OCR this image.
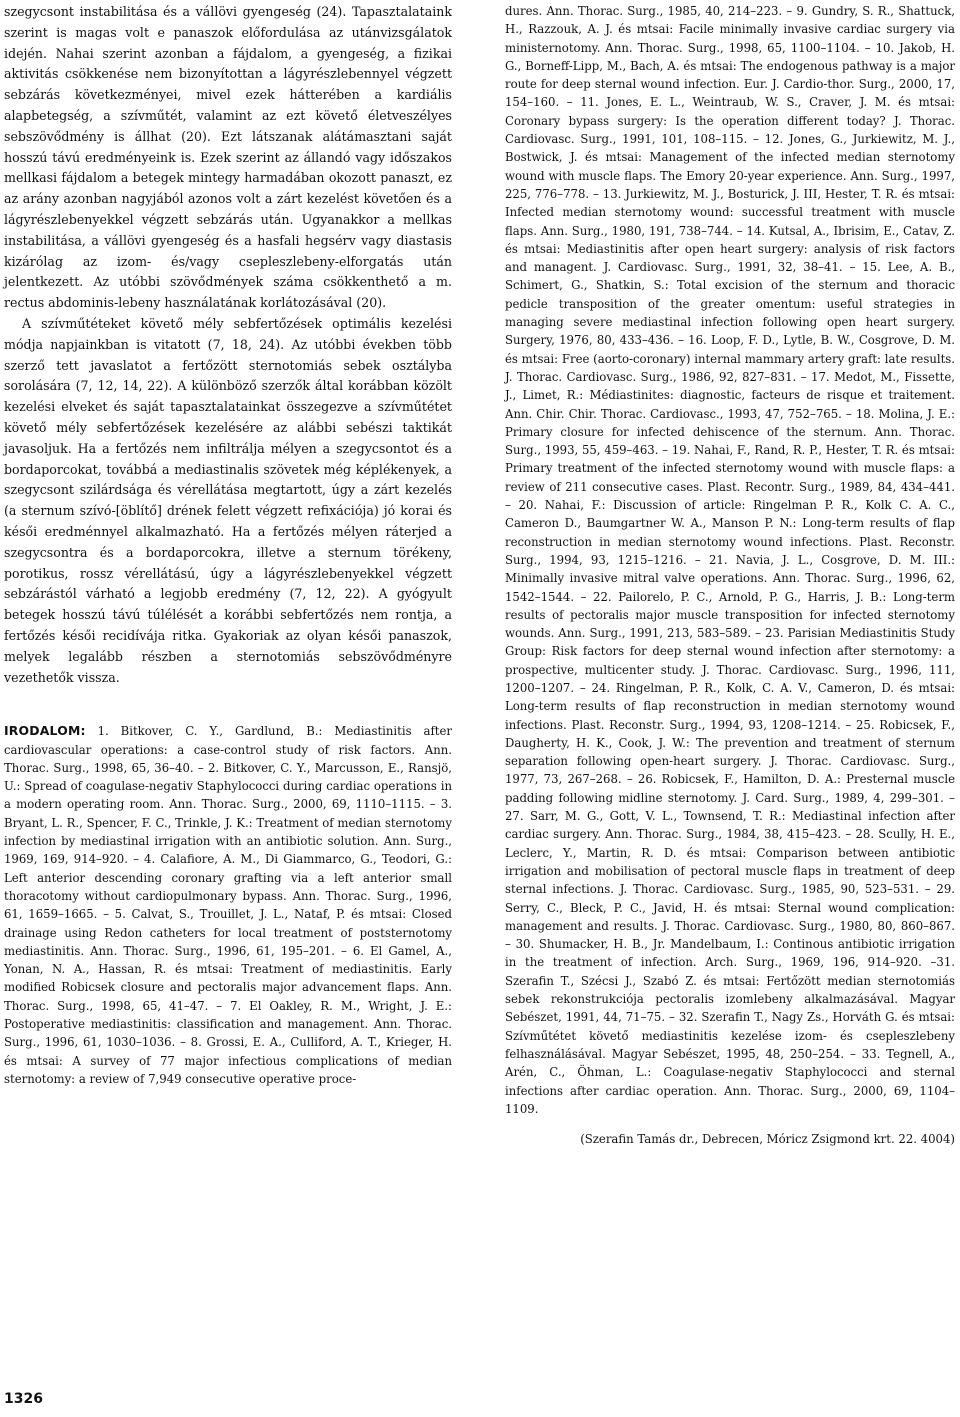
szegycsont instabilitása és a vállövi gyengeség (24). Tapasztalataink szerint is magas volt e panaszok előfordulása az utánvizsgálatok idején. Nahai szerint azonban a fájdalom, a gyengeség, a fizikai aktivitás csökkenése nem bizonyítottan a lágyrészlebennyel végzett sebzárás következményei, mivel ezek hátterében a kardiális alapbetegség, a szívműtét, valamint az ezt követő életveszélyes sebszövődmény is állhat (20). Ezt látszanak alátámasztani saját hosszú távú eredményeink is. Ezek szerint az állandó vagy időszakos mellkasi fájdalom a betegek mintegy harmadában okozott panaszt, ez az arány azonban nagyjából azonos volt a zárt kezelést követően és a lágyrészlebenyekkel végzett sebzárás után. Ugyanakkor a mellkas instabilitása, a vállövi gyengeség és a hasfali hegsérv vagy diastasis kizárólag az izom- és/vagy csepleszlebeny-elforgatás után jelentkezett. Az utóbbi szövődmények száma csökkenthető a m. rectus abdominis-lebeny használatának korlátozásával (20).

A szívműtéteket követő mély sebfertőzések optimális kezelési módja napjainkban is vitatott (7, 18, 24). Az utóbbi években több szerző tett javaslatot a fertőzött sternotomiás sebek osztályba sorolására (7, 12, 14, 22). A különböző szerzők által korábban közölt kezelési elveket és saját tapasztalatainkat összegezve a szívműtétet követő mély sebfertőzések kezelésére az alábbi sebészi taktikát javasoljuk. Ha a fertőzés nem infiltrálja mélyen a szegycsontot és a bordaporcokat, továbbá a mediastinalis szövetek még képlékenyek, a szegycsont szilárdsága és vérellátása megtartott, úgy a zárt kezelés (a sternum szívó-[öblítő] drének felett végzett refixációja) jó korai és késői eredménnyel alkalmazható. Ha a fertőzés mélyen ráterjed a szegycsontra és a bordaporcokra, illetve a sternum törékeny, porotikus, rossz vérellátású, úgy a lágyrészlebenyekkel végzett sebzárástól várható a legjobb eredmény (7, 12, 22). A gyógyult betegek hosszú távú túlélését a korábbi sebfertőzés nem rontja, a fertőzés késői recidívája ritka. Gyakoriak az olyan késői panaszok, melyek legalább részben a sternotomiás sebszövődményre vezethetők vissza.

IRODALOM: 1. Bitkover, C. Y., Gardlund, B.: Mediastinitis after cardiovascular operations: a case-control study of risk factors. Ann. Thorac. Surg., 1998, 65, 36–40. – 2. Bitkover, C. Y., Marcusson, E., Ransjö, U.: Spread of coagulase-negativ Staphylococci during cardiac operations in a modern operating room. Ann. Thorac. Surg., 2000, 69, 1110–1115. – 3. Bryant, L. R., Spencer, F. C., Trinkle, J. K.: Treatment of median sternotomy infection by mediastinal irrigation with an antibiotic solution. Ann. Surg., 1969, 169, 914–920. – 4. Calafiore, A. M., Di Giammarco, G., Teodori, G.: Left anterior descending coronary grafting via a left anterior small thoracotomy without cardiopulmonary bypass. Ann. Thorac. Surg., 1996, 61, 1659–1665. – 5. Calvat, S., Trouillet, J. L., Nataf, P. és mtsai: Closed drainage using Redon catheters for local treatment of poststernotomy mediastinitis. Ann. Thorac. Surg., 1996, 61, 195–201. – 6. El Gamel, A., Yonan, N. A., Hassan, R. és mtsai: Treatment of mediastinitis. Early modified Robicsek closure and pectoralis major advancement flaps. Ann. Thorac. Surg., 1998, 65, 41–47. – 7. El Oakley, R. M., Wright, J. E.: Postoperative mediastinitis: classification and management. Ann. Thorac. Surg., 1996, 61, 1030–1036. – 8. Grossi, E. A., Culliford, A. T., Krieger, H. és mtsai: A survey of 77 major infectious complications of median sternotomy: a review of 7,949 consecutive operative proce-
dures. Ann. Thorac. Surg., 1985, 40, 214–223. – 9. Gundry, S. R., Shattuck, H., Razzouk, A. J. és mtsai: Facile minimally invasive cardiac surgery via ministernotomy. Ann. Thorac. Surg., 1998, 65, 1100–1104. – 10. Jakob, H. G., Borneff-Lipp, M., Bach, A. és mtsai: The endogenous pathway is a major route for deep sternal wound infection. Eur. J. Cardio-thor. Surg., 2000, 17, 154–160. – 11. Jones, E. L., Weintraub, W. S., Craver, J. M. és mtsai: Coronary bypass surgery: Is the operation different today? J. Thorac. Cardiovasc. Surg., 1991, 101, 108–115. – 12. Jones, G., Jurkiewitz, M. J., Bostwick, J. és mtsai: Management of the infected median sternotomy wound with muscle flaps. The Emory 20-year experience. Ann. Surg., 1997, 225, 776–778. – 13. Jurkiewitz, M. J., Bosturick, J. III, Hester, T. R. és mtsai: Infected median sternotomy wound: successful treatment with muscle flaps. Ann. Surg., 1980, 191, 738–744. – 14. Kutsal, A., Ibrisim, E., Catav, Z. és mtsai: Mediastinitis after open heart surgery: analysis of risk factors and managent. J. Cardiovasc. Surg., 1991, 32, 38–41. – 15. Lee, A. B., Schimert, G., Shatkin, S.: Total excision of the sternum and thoracic pedicle transposition of the greater omentum: useful strategies in managing severe mediastinal infection following open heart surgery. Surgery, 1976, 80, 433–436. – 16. Loop, F. D., Lytle, B. W., Cosgrove, D. M. és mtsai: Free (aorto-coronary) internal mammary artery graft: late results. J. Thorac. Cardiovasc. Surg., 1986, 92, 827–831. – 17. Medot, M., Fissette, J., Limet, R.: Médiastinites: diagnostic, facteurs de risque et traitement. Ann. Chir. Chir. Thorac. Cardiovasc., 1993, 47, 752–765. – 18. Molina, J. E.: Primary closure for infected dehiscence of the sternum. Ann. Thorac. Surg., 1993, 55, 459–463. – 19. Nahai, F., Rand, R. P., Hester, T. R. és mtsai: Primary treatment of the infected sternotomy wound with muscle flaps: a review of 211 consecutive cases. Plast. Recontr. Surg., 1989, 84, 434–441. – 20. Nahai, F.: Discussion of article: Ringelman P. R., Kolk C. A. C., Cameron D., Baumgartner W. A., Manson P. N.: Long-term results of flap reconstruction in median sternotomy wound infections. Plast. Reconstr. Surg., 1994, 93, 1215–1216. – 21. Navia, J. L., Cosgrove, D. M. III.: Minimally invasive mitral valve operations. Ann. Thorac. Surg., 1996, 62, 1542–1544. – 22. Pailorelo, P. C., Arnold, P. G., Harris, J. B.: Long-term results of pectoralis major muscle transposition for infected sternotomy wounds. Ann. Surg., 1991, 213, 583–589. – 23. Parisian Mediastinitis Study Group: Risk factors for deep sternal wound infection after sternotomy: a prospective, multicenter study. J. Thorac. Cardiovasc. Surg., 1996, 111, 1200–1207. – 24. Ringelman, P. R., Kolk, C. A. V., Cameron, D. és mtsai: Long-term results of flap reconstruction in median sternotomy wound infections. Plast. Reconstr. Surg., 1994, 93, 1208–1214. – 25. Robicsek, F., Daugherty, H. K., Cook, J. W.: The prevention and treatment of sternum separation following open-heart surgery. J. Thorac. Cardiovasc. Surg., 1977, 73, 267–268. – 26. Robicsek, F., Hamilton, D. A.: Presternal muscle padding following midline sternotomy. J. Card. Surg., 1989, 4, 299–301. – 27. Sarr, M. G., Gott, V. L., Townsend, T. R.: Mediastinal infection after cardiac surgery. Ann. Thorac. Surg., 1984, 38, 415–423. – 28. Scully, H. E., Leclerc, Y., Martin, R. D. és mtsai: Comparison between antibiotic irrigation and mobilisation of pectoral muscle flaps in treatment of deep sternal infections. J. Thorac. Cardiovasc. Surg., 1985, 90, 523–531. – 29. Serry, C., Bleck, P. C., Javid, H. és mtsai: Sternal wound complication: management and results. J. Thorac. Cardiovasc. Surg., 1980, 80, 860–867. – 30. Shumacker, H. B., Jr. Mandelbaum, I.: Continous antibiotic irrigation in the treatment of infection. Arch. Surg., 1969, 196, 914–920. –31. Szerafin T., Szécsi J., Szabó Z. és mtsai: Fertőzött median sternotomiás sebek rekonstrukciója pectoralis izomlebeny alkalmazásával. Magyar Sebészet, 1991, 44, 71–75. – 32. Szerafin T., Nagy Zs., Horváth G. és mtsai: Szívműtétet követő mediastinitis kezelése izom- és csepleszlebeny felhasználásával. Magyar Sebészet, 1995, 48, 250–254. – 33. Tegnell, A., Arén, C., Öhman, L.: Coagulase-negativ Staphylococci and sternal infections after cardiac operation. Ann. Thorac. Surg., 2000, 69, 1104–1109.
(Szerafin Tamás dr., Debrecen, Móricz Zsigmond krt. 22. 4004)
1326
